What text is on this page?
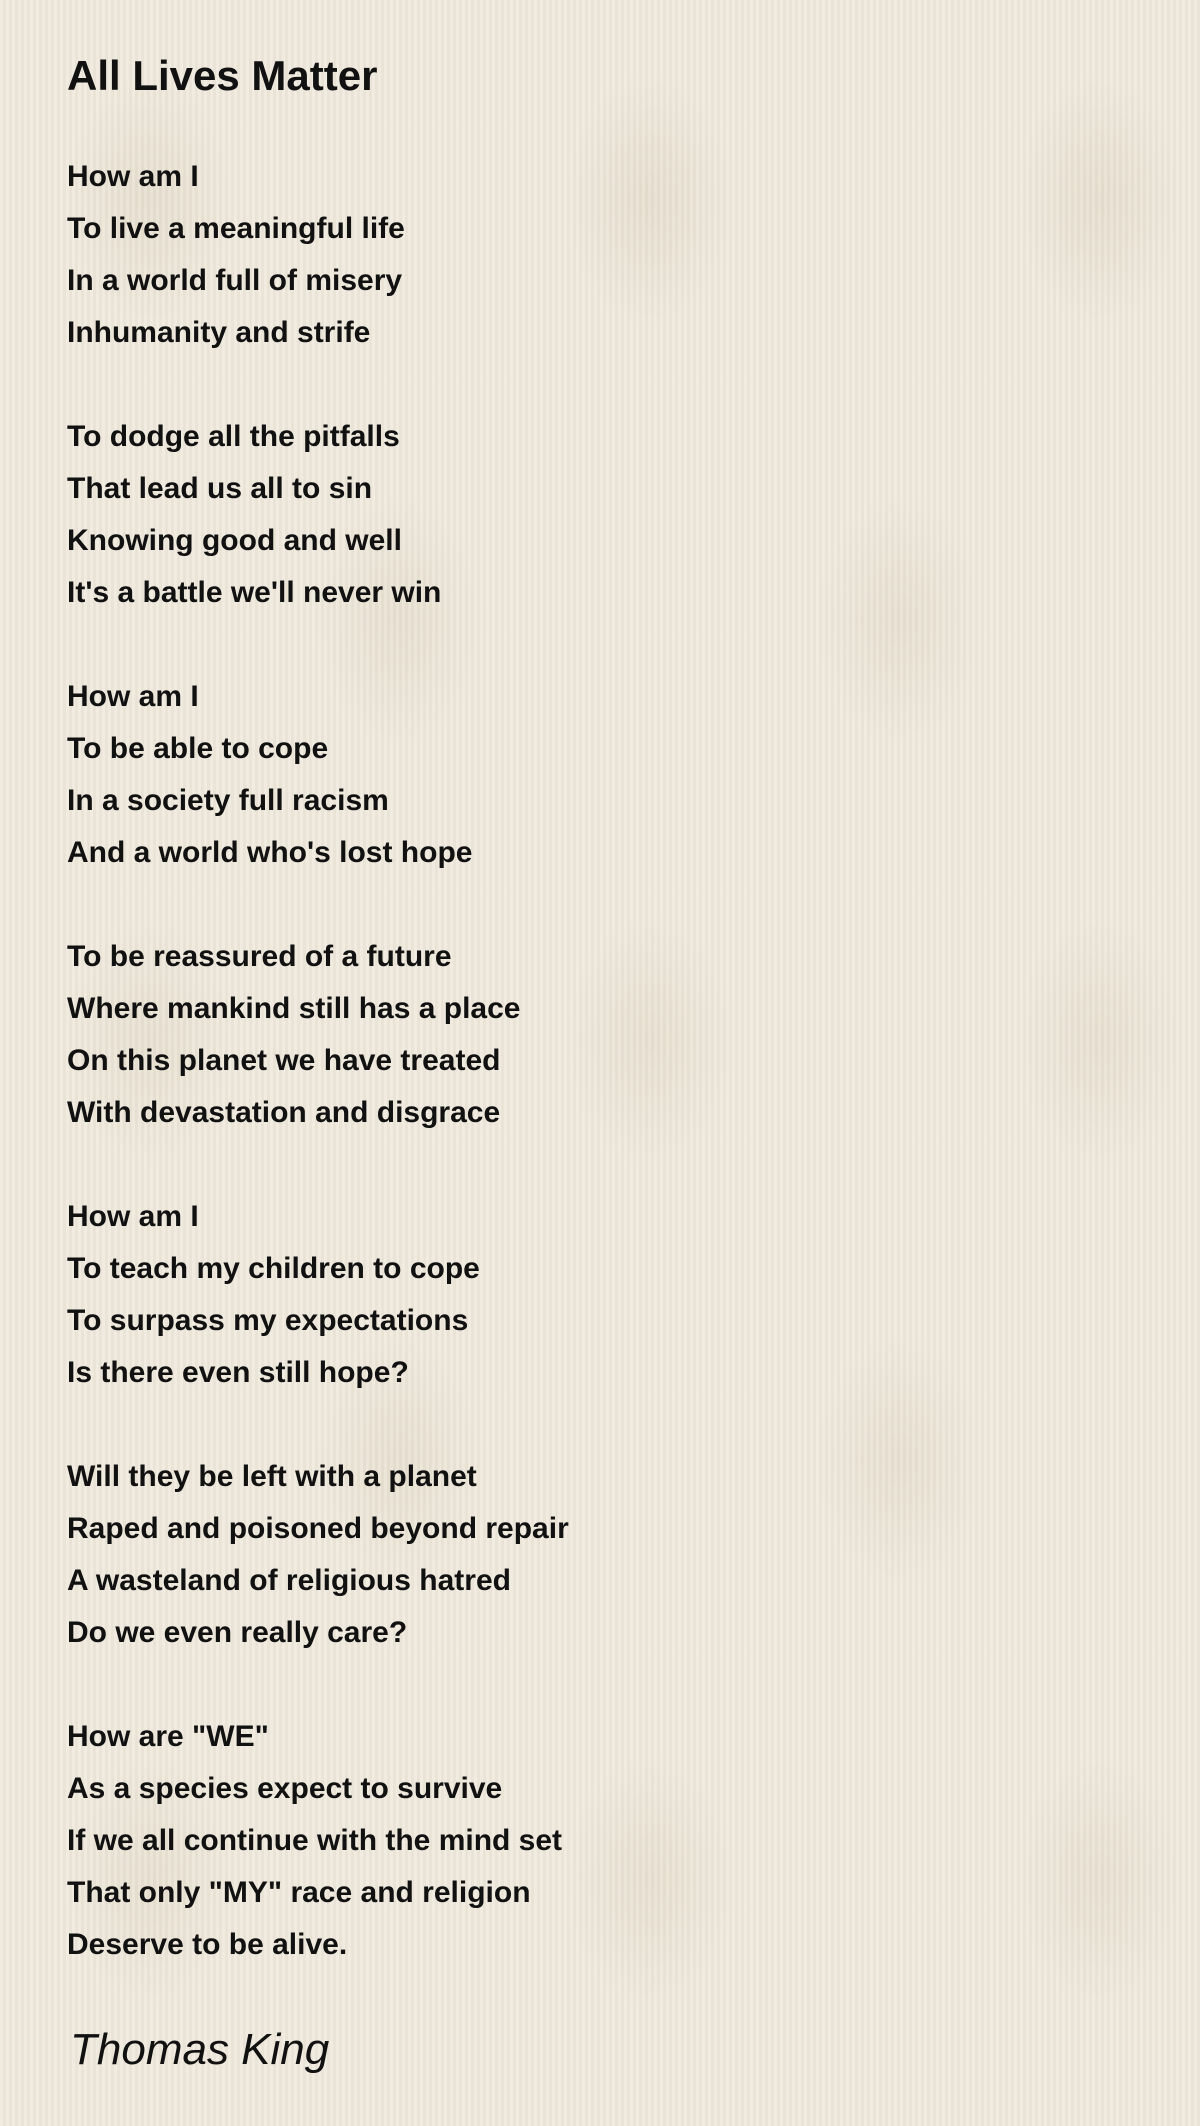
All Lives Matter
How am I
To live a meaningful life
In a world full of misery
Inhumanity and strife
To dodge all the pitfalls
That lead us all to sin
Knowing good and well
It's a battle we'll never win
How am I
To be able to cope
In a society full racism
And a world who's lost hope
To be reassured of a future
Where mankind still has a place
On this planet we have treated
With devastation and disgrace
How am I
To teach my children to cope
To surpass my expectations
Is there even still hope?
Will they be left with a planet
Raped and poisoned beyond repair
A wasteland of religious hatred
Do we even really care?
How are "WE"
As a species expect to survive
If we all continue with the mind set
That only "MY" race and religion
Deserve to be alive.
Thomas King
